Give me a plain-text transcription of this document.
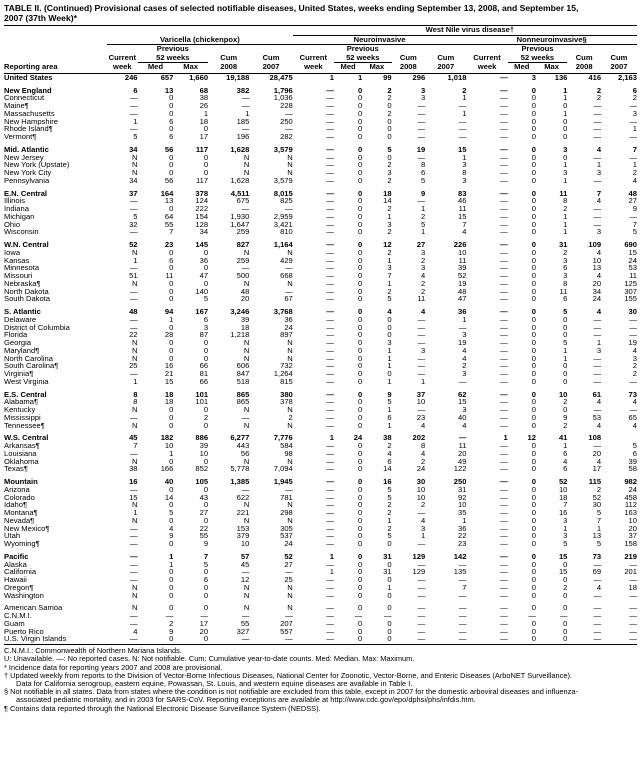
TABLE II. (Continued) Provisional cases of selected notifiable diseases, United States, weeks ending September 13, 2008, and September 15,
2007 (37th Week)*
						West Nile virus disease†									
	Varicella (chickenpox)					Neuroinvasive					Nonneuroinvasive§				
		Previous					Previous					Previous			
	Current	52 weeks		Cum	Cum	Current	52 weeks		Cum	Cum	Current	52 weeks		Cum	Cum
Reporting area	week	Med	Max	2008	2007	week	Med	Max	2008	2007	week	Med	Max	2008	2007
United States	246	657	1,660	19,188	28,475	1	1	99	296	1,018	—	3	136	416	2,163

New England	6	13	68	382	1,796	—	0	2	3	2	—	0	1	2	6
Connecticut	—	0	38	—	1,036	—	0	2	3	1	—	0	1	2	2
Maine¶	—	0	26	—	228	—	0	0	—	—	—	0	0	—	—
Massachusetts	—	0	1	1	—	—	0	2	—	1	—	0	1	—	3
New Hampshire	1	6	18	185	250	—	0	0	—	—	—	0	0	—	—
Rhode Island¶	—	0	0	—	—	—	0	0	—	—	—	0	0	—	1
Vermont¶	5	6	17	196	282	—	0	0	—	—	—	0	0	—	—

Mid. Atlantic	34	56	117	1,628	3,579	—	0	5	19	15	—	0	3	4	7
New Jersey	N	0	0	N	N	—	0	0	—	1	—	0	0	—	—
New York (Upstate)	N	0	0	N	N	—	0	2	8	3	—	0	1	1	1
New York City	N	0	0	N	N	—	0	3	6	8	—	0	3	3	2
Pennsylvania	34	56	117	1,628	3,579	—	0	2	5	3	—	0	1	—	4

E.N. Central	37	164	378	4,511	8,015	—	0	18	9	83	—	0	11	7	48
Illinois	—	13	124	675	825	—	0	14	—	46	—	0	8	4	27
Indiana	—	0	222	—	—	—	0	2	1	11	—	0	2	—	9
Michigan	5	64	154	1,930	2,959	—	0	1	2	15	—	0	1	—	—
Ohio	32	55	128	1,647	3,421	—	0	3	5	7	—	0	1	—	7
Wisconsin	—	7	34	259	810	—	0	2	1	4	—	0	1	3	5

W.N. Central	52	23	145	827	1,164	—	0	12	27	226	—	0	31	109	690
Iowa	N	0	0	N	N	—	0	2	3	10	—	0	2	4	15
Kansas	1	6	36	259	429	—	0	1	2	11	—	0	3	10	24
Minnesota	—	0	0	—	—	—	0	3	3	39	—	0	6	13	53
Missouri	51	11	47	500	668	—	0	7	4	52	—	0	3	4	11
Nebraska¶	N	0	0	N	N	—	0	1	2	19	—	0	8	20	125
North Dakota	—	0	140	48	—	—	0	2	2	48	—	0	11	34	307
South Dakota	—	0	5	20	67	—	0	5	11	47	—	0	6	24	155

S. Atlantic	48	94	167	3,246	3,768	—	0	4	4	36	—	0	5	4	30
Delaware	—	1	6	39	36	—	0	0	—	1	—	0	0	—	—
District of Columbia	—	0	3	18	24	—	0	0	—	—	—	0	0	—	—
Florida	22	28	87	1,218	897	—	0	0	—	3	—	0	0	—	—
Georgia	N	0	0	N	N	—	0	3	—	19	—	0	5	1	19
Maryland¶	N	0	0	N	N	—	0	1	3	4	—	0	1	3	4
North Carolina	N	0	0	N	N	—	0	1	—	4	—	0	1	—	3
South Carolina¶	25	16	66	606	732	—	0	1	—	2	—	0	0	—	2
Virginia¶	—	21	81	847	1,264	—	0	0	—	3	—	0	0	—	2
West Virginia	1	15	66	518	815	—	0	1	1	—	—	0	0	—	—

E.S. Central	8	18	101	865	380	—	0	9	37	62	—	0	10	61	73
Alabama¶	8	18	101	865	378	—	0	5	10	15	—	0	2	4	4
Kentucky	N	0	0	N	N	—	0	1	—	3	—	0	0	—	—
Mississippi	—	0	2	—	2	—	0	6	23	40	—	0	9	53	65
Tennessee¶	N	0	0	N	N	—	0	1	4	4	—	0	2	4	4

W.S. Central	45	182	886	6,277	7,776	1	24	38	202	—	1	12	41	108	
Arkansas¶	7	10	39	443	584	—	0	2	8	11	—	0	1	—	5
Louisiana	—	1	10	56	98	—	0	4	4	20	—	0	6	20	6
Oklahoma	N	0	0	N	N	—	0	6	2	49	—	0	4	4	39
Texas¶	38	166	852	5,778	7,094	—	0	14	24	122	—	0	6	17	58

Mountain	16	40	105	1,385	1,945	—	0	16	30	250	—	0	52	115	982
Arizona	—	0	0	—	—	—	0	5	10	31	—	0	10	2	24
Colorado	15	14	43	622	781	—	0	5	10	92	—	0	18	52	458
Idaho¶	N	0	0	N	N	—	0	2	2	10	—	0	7	30	112
Montana¶	1	5	27	221	298	—	0	2	—	35	—	0	16	5	163
Nevada¶	N	0	0	N	N	—	0	1	4	1	—	0	3	7	10
New Mexico¶	—	4	22	153	305	—	0	2	3	36	—	0	1	1	20
Utah	—	9	55	379	537	—	0	5	1	22	—	0	3	13	37
Wyoming¶	—	0	9	10	24	—	0	0	—	23	—	0	5	5	158

Pacific	—	1	7	57	52	1	0	31	129	142	—	0	15	73	219
Alaska	—	1	5	45	27	—	0	0	—	—	—	0	0	—	—
California	—	0	0	—	—	1	0	31	129	135	—	0	15	69	201
Hawaii	—	0	6	12	25	—	0	0	—	—	—	0	0	—	—
Oregon¶	N	0	0	N	N	—	0	1	—	7	—	0	2	4	18
Washington	N	0	0	N	N	—	0	0	—	—	—	0	0	—	—

American Samoa	N	0	0	N	N	—	0	0	—	—	—	0	0	—	—
C.N.M.I.	—	—	—	—	—	—	—	—	—	—	—	—	—	—	—
Guam	—	2	17	55	207	—	0	0	—	—	—	0	0	—	—
Puerto Rico	4	9	20	327	557	—	0	0	—	—	—	0	0	—	—
U.S. Virgin Islands	—	0	0	—	—	—	0	0	—	—	—	0	0	—	—
C.N.M.I.: Commonwealth of Northern Mariana Islands.
U: Unavailable. —: No reported cases. N: Not notifiable. Cum: Cumulative year-to-date counts. Med: Median. Max: Maximum.
* Incidence data for reporting years 2007 and 2008 are provisional.
† Updated weekly from reports to the Division of Vector-Borne Infectious Diseases, National Center for Zoonotic, Vector-Borne, and Enteric Diseases (ArboNET Surveillance).
Data for California serogroup, eastern equine, Powassan, St. Louis, and western equine diseases are available in Table I.
§ Not notifiable in all states. Data from states where the condition is not notifiable are excluded from this table, except in 2007 for the domestic arboviral diseases and influenza-
associated pediatric mortality, and in 2003 for SARS-CoV. Reporting exceptions are available at http://www.cdc.gov/epo/dphsi/phs/infdis.htm.
¶ Contains data reported through the National Electronic Disease Surveillance System (NEDSS).
